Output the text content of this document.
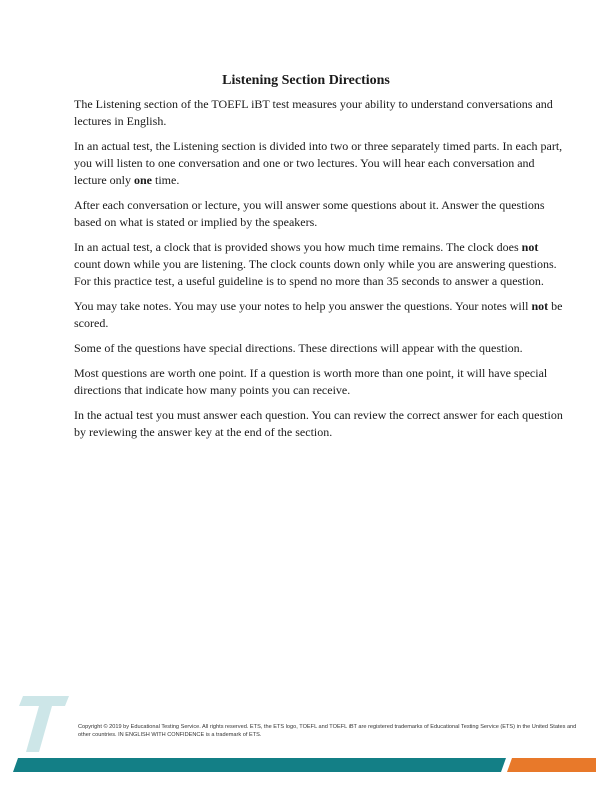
Listening Section Directions

The Listening section of the TOEFL iBT test measures your ability to understand conversations and lectures in English.

In an actual test, the Listening section is divided into two or three separately timed parts. In each part, you will listen to one conversation and one or two lectures. You will hear each conversation and lecture only one time.

After each conversation or lecture, you will answer some questions about it. Answer the questions based on what is stated or implied by the speakers.

In an actual test, a clock that is provided shows you how much time remains. The clock does not count down while you are listening. The clock counts down only while you are answering questions. For this practice test, a useful guideline is to spend no more than 35 seconds to answer a question.

You may take notes. You may use your notes to help you answer the questions. Your notes will not be scored.

Some of the questions have special directions. These directions will appear with the question.

Most questions are worth one point. If a question is worth more than one point, it will have special directions that indicate how many points you can receive.

In the actual test you must answer each question. You can review the correct answer for each question by reviewing the answer key at the end of the section.

Copyright © 2019 by Educational Testing Service. All rights reserved. ETS, the ETS logo, TOEFL and TOEFL iBT are registered trademarks of Educational Testing Service (ETS) in the United States and other countries. IN ENGLISH WITH CONFIDENCE is a trademark of ETS.
